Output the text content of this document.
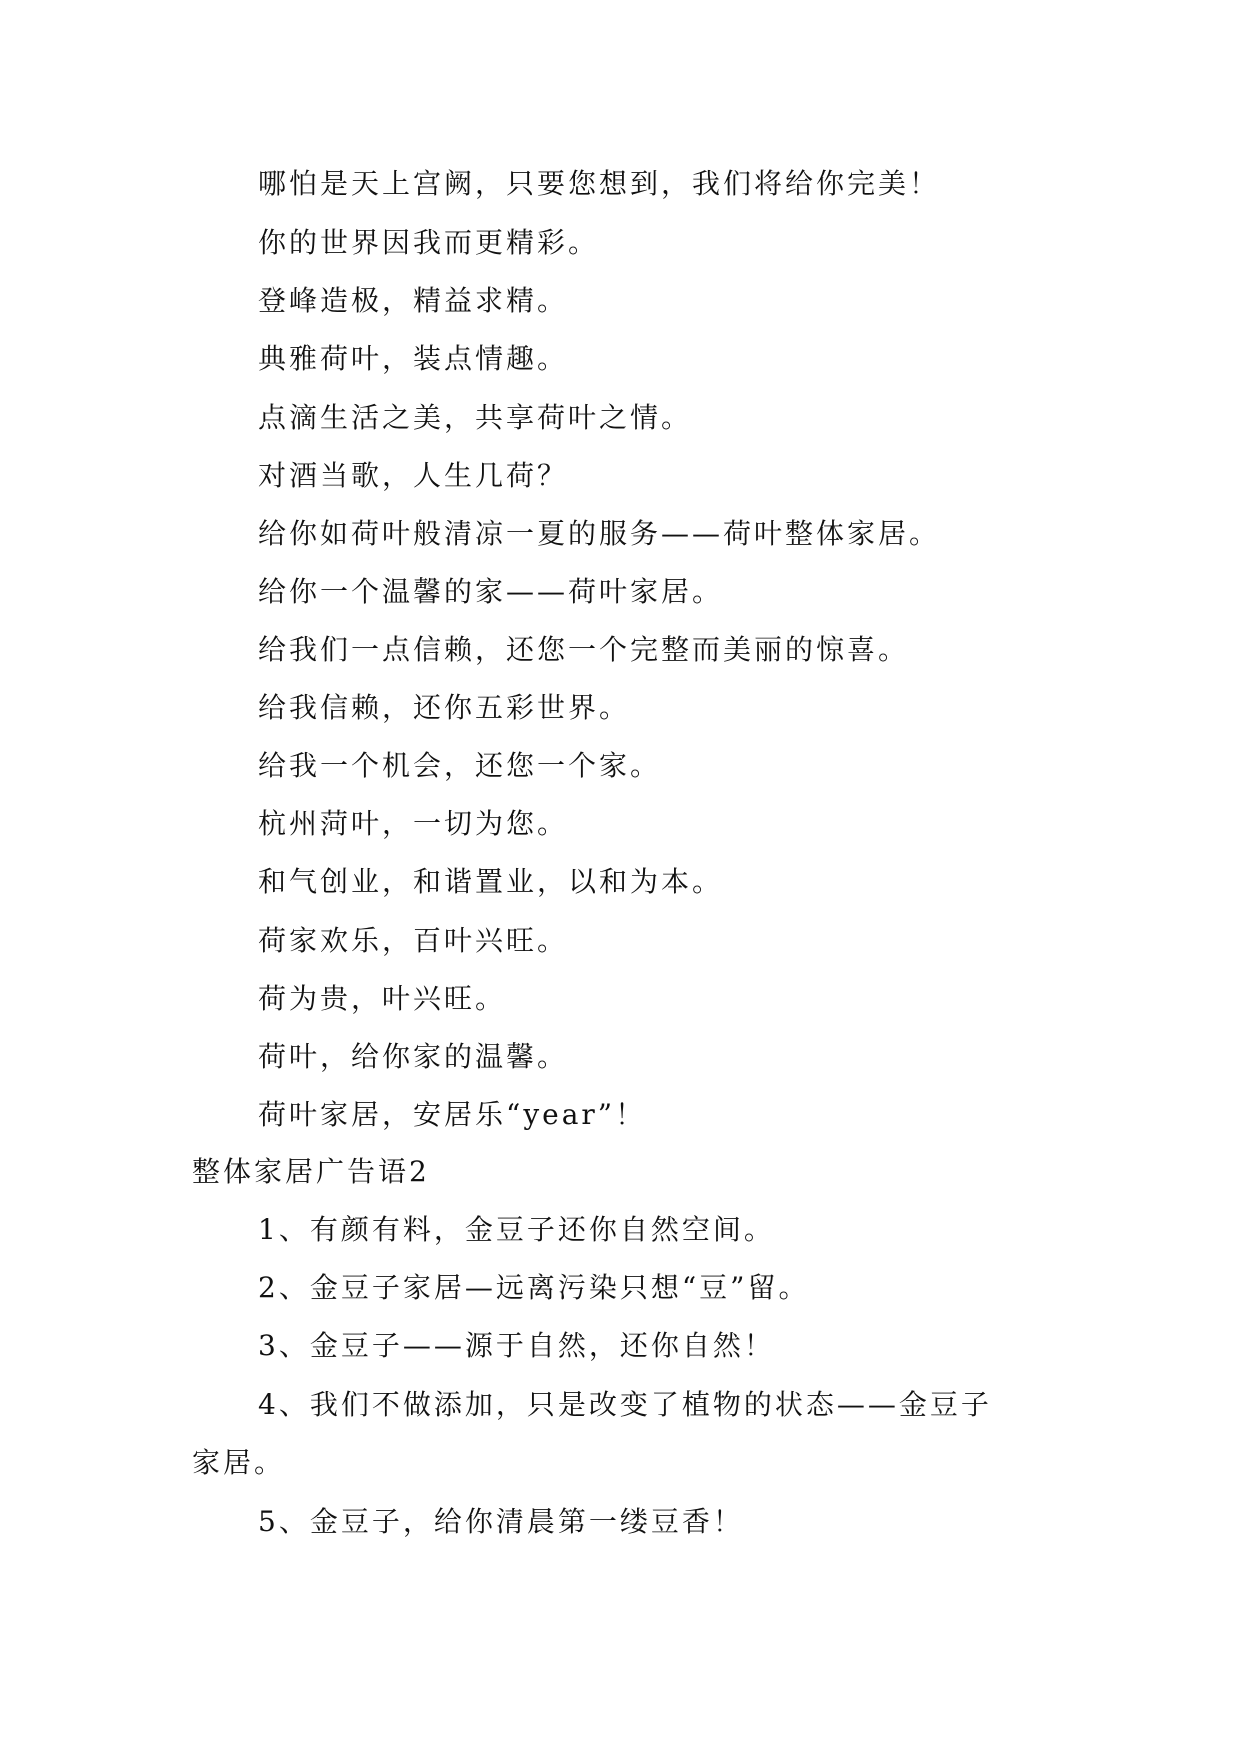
哪怕是天上宫阙，只要您想到，我们将给你完美！
你的世界因我而更精彩。
登峰造极，精益求精。
典雅荷叶，装点情趣。
点滴生活之美，共享荷叶之情。
对酒当歌，人生几荷？
给你如荷叶般清凉一夏的服务——荷叶整体家居。
给你一个温馨的家——荷叶家居。
给我们一点信赖，还您一个完整而美丽的惊喜。
给我信赖，还你五彩世界。
给我一个机会，还您一个家。
杭州菏叶，一切为您。
和气创业，和谐置业，以和为本。
荷家欢乐，百叶兴旺。
荷为贵，叶兴旺。
荷叶，给你家的温馨。
荷叶家居，安居乐“year”！
整体家居广告语2
1、有颜有料，金豆子还你自然空间。
2、金豆子家居—远离污染只想“豆”留。
3、金豆子——源于自然，还你自然！
4、我们不做添加，只是改变了植物的状态——金豆子
家居。
5、金豆子，给你清晨第一缕豆香！
